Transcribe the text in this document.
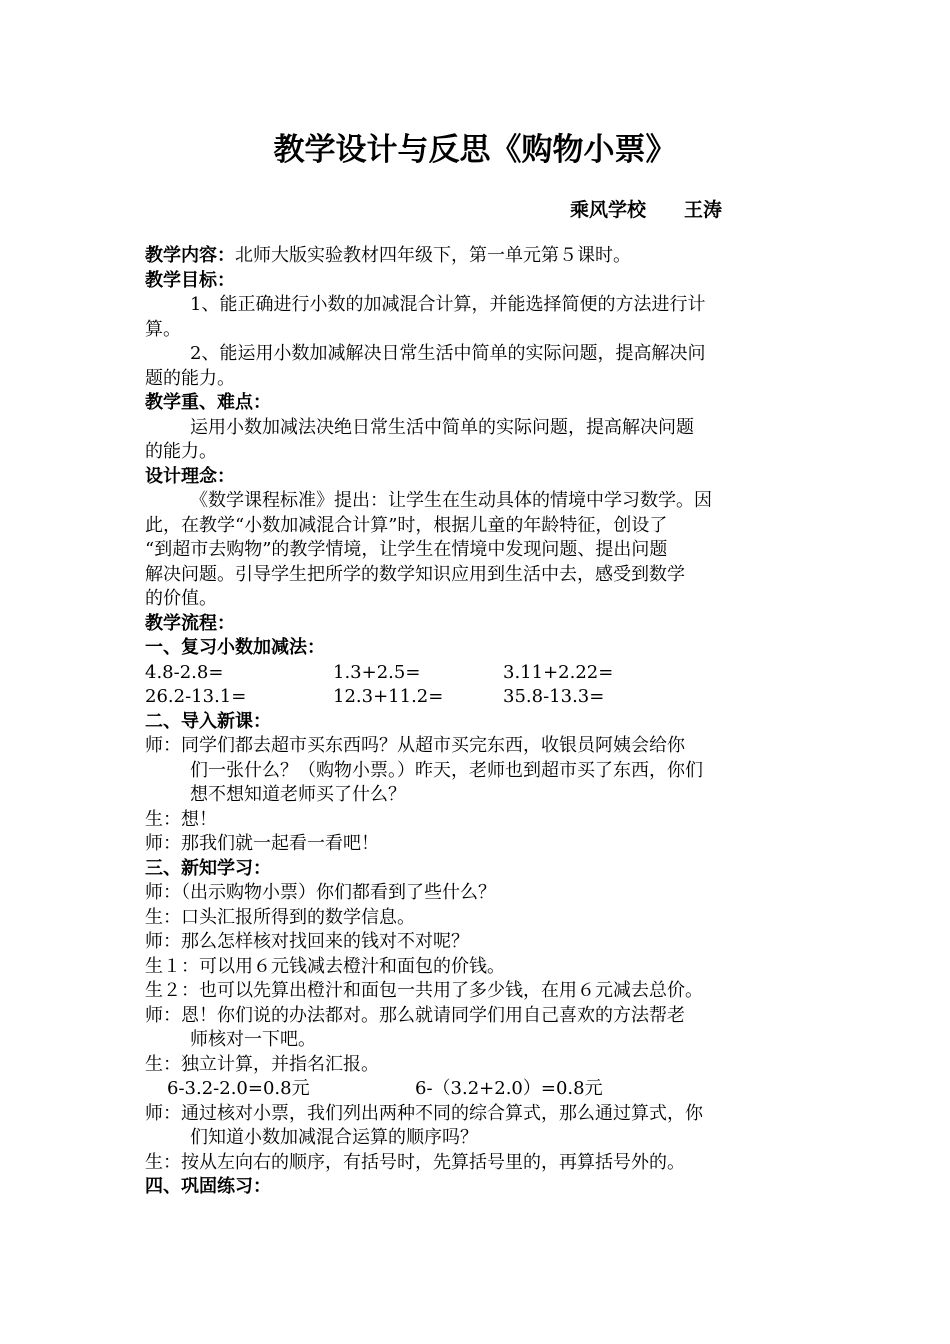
教学设计与反思《购物小票》
乘风学校　　王涛
教学内容：北师大版实验教材四年级下，第一单元第５课时。
教学目标：
1、能正确进行小数的加减混合计算，并能选择简便的方法进行计
算。
2、能运用小数加减解决日常生活中简单的实际问题，提高解决问
题的能力。
教学重、难点：
运用小数加减法决绝日常生活中简单的实际问题，提高解决问题
的能力。
设计理念：
《数学课程标准》提出：让学生在生动具体的情境中学习数学。因
此，在教学“小数加减混合计算”时，根据儿童的年龄特征，创设了
“到超市去购物”的教学情境，让学生在情境中发现问题、提出问题
解决问题。引导学生把所学的数学知识应用到生活中去，感受到数学
的价值。
教学流程：
一、复习小数加减法：
4.8-2.8=	1.3+2.5=	3.11+2.22=
26.2-13.1=	12.3+11.2=	35.8-13.3=
二、导入新课：
师：同学们都去超市买东西吗？从超市买完东西，收银员阿姨会给你
们一张什么？（购物小票。）昨天，老师也到超市买了东西，你们
想不想知道老师买了什么？
生：想！
师：那我们就一起看一看吧！
三、新知学习：
师：（出示购物小票）你们都看到了些什么？
生：口头汇报所得到的数学信息。
师：那么怎样核对找回来的钱对不对呢？
生１：可以用６元钱减去橙汁和面包的价钱。
生２：也可以先算出橙汁和面包一共用了多少钱，在用６元减去总价。
师：恩！你们说的办法都对。那么就请同学们用自己喜欢的方法帮老
师核对一下吧。
生：独立计算，并指名汇报。
6-3.2-2.0=0.8元	6-（3.2+2.0）=0.8元
师：通过核对小票，我们列出两种不同的综合算式，那么通过算式，你
们知道小数加减混合运算的顺序吗？
生：按从左向右的顺序，有括号时，先算括号里的，再算括号外的。
四、巩固练习：
